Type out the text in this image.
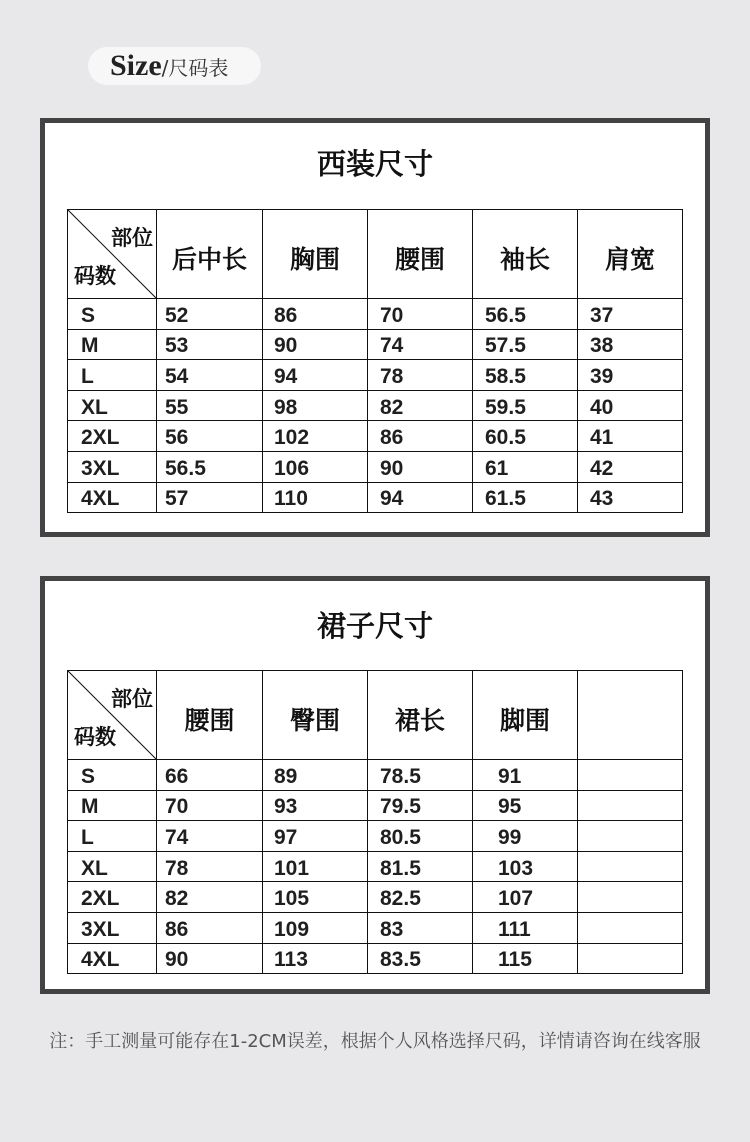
Size /尺码表
西装尺寸
部位
码数
后中长	胸围	腰围	袖长	肩宽
S	52	86	70	56.5	37
M	53	90	74	57.5	38
L	54	94	78	58.5	39
XL	55	98	82	59.5	40
2XL	56	102	86	60.5	41
3XL	56.5	106	90	61	42
4XL	57	110	94	61.5	43
裙子尺寸
部位
码数
腰围	臀围	裙长	脚围
S	66	89	78.5	91
M	70	93	79.5	95
L	74	97	80.5	99
XL	78	101	81.5	103
2XL	82	105	82.5	107
3XL	86	109	83	111
4XL	90	113	83.5	115
注：手工测量可能存在1-2CM误差，根据个人风格选择尺码，详情请咨询在线客服
